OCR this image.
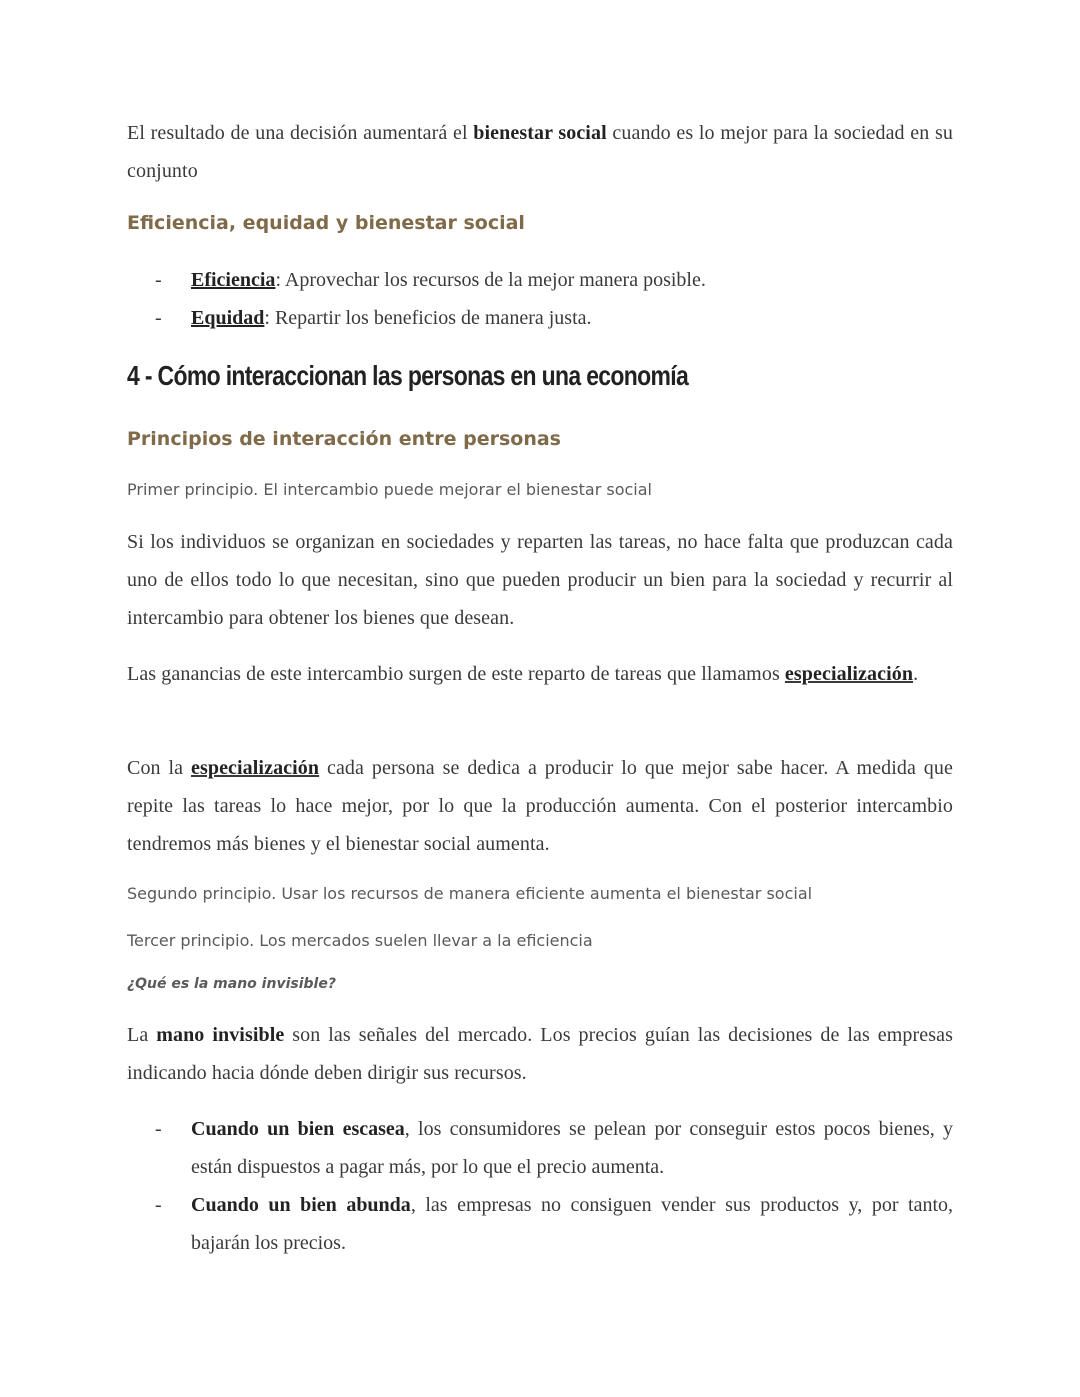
El resultado de una decisión aumentará el bienestar social cuando es lo mejor para la sociedad en su conjunto

Eficiencia, equidad y bienestar social
- Eficiencia: Aprovechar los recursos de la mejor manera posible.
- Equidad: Repartir los beneficios de manera justa.
4 - Cómo interaccionan las personas en una economía
Principios de interacción entre personas
Primer principio. El intercambio puede mejorar el bienestar social

Si los individuos se organizan en sociedades y reparten las tareas, no hace falta que produzcan cada uno de ellos todo lo que necesitan, sino que pueden producir un bien para la sociedad y recurrir al intercambio para obtener los bienes que desean.

Las ganancias de este intercambio surgen de este reparto de tareas que llamamos especialización.

Con la especialización cada persona se dedica a producir lo que mejor sabe hacer. A medida que repite las tareas lo hace mejor, por lo que la producción aumenta. Con el posterior intercambio tendremos más bienes y el bienestar social aumenta.

Segundo principio. Usar los recursos de manera eficiente aumenta el bienestar social
Tercer principio. Los mercados suelen llevar a la eficiencia
¿Qué es la mano invisible?

La mano invisible son las señales del mercado. Los precios guían las decisiones de las empresas indicando hacia dónde deben dirigir sus recursos.

- Cuando un bien escasea, los consumidores se pelean por conseguir estos pocos bienes, y están dispuestos a pagar más, por lo que el precio aumenta.
- Cuando un bien abunda, las empresas no consiguen vender sus productos y, por tanto, bajarán los precios.
